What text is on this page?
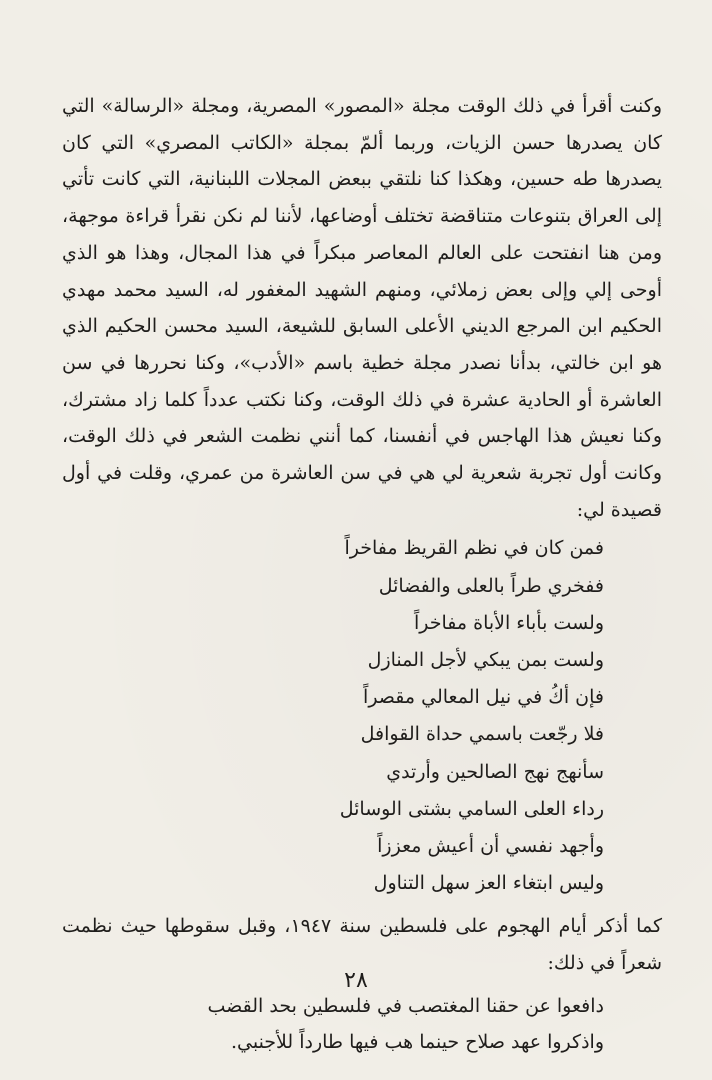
وكنت أقرأ في ذلك الوقت مجلة «المصور» المصرية، ومجلة «الرسالة» التي كان يصدرها حسن الزيات، وربما ألمّ بمجلة «الكاتب المصري» التي كان يصدرها طه حسين، وهكذا كنا نلتقي ببعض المجلات اللبنانية، التي كانت تأتي إلى العراق بتنوعات متناقضة تختلف أوضاعها، لأننا لم نكن نقرأ قراءة موجهة، ومن هنا انفتحت على العالم المعاصر مبكراً في هذا المجال، وهذا هو الذي أوحى إلي وإلى بعض زملائي، ومنهم الشهيد المغفور له، السيد محمد مهدي الحكيم ابن المرجع الديني الأعلى السابق للشيعة، السيد محسن الحكيم الذي هو ابن خالتي، بدأنا نصدر مجلة خطية باسم «الأدب»، وكنا نحررها في سن العاشرة أو الحادية عشرة في ذلك الوقت، وكنا نكتب عدداً كلما زاد مشترك، وكنا نعيش هذا الهاجس في أنفسنا، كما أنني نظمت الشعر في ذلك الوقت، وكانت أول تجربة شعرية لي هي في سن العاشرة من عمري، وقلت في أول قصيدة لي:

فمن كان في نظم القريظ مفاخراً
ففخري طراً بالعلى والفضائل
ولست بأباء الأباة مفاخراً
ولست بمن يبكي لأجل المنازل
فإن أكُ في نيل المعالي مقصراً
فلا رجّعت باسمي حداة القوافل
سأنهج نهج الصالحين وأرتدي
رداء العلى السامي بشتى الوسائل
وأجهد نفسي أن أعيش معززاً
وليس ابتغاء العز سهل التناول

كما أذكر أيام الهجوم على فلسطين سنة ١٩٤٧، وقبل سقوطها حيث نظمت شعراً في ذلك:

دافعوا عن حقنا المغتصب في فلسطين بحد القضب
واذكروا عهد صلاح حينما هب فيها طارداً للأجنبي.
٢٨
